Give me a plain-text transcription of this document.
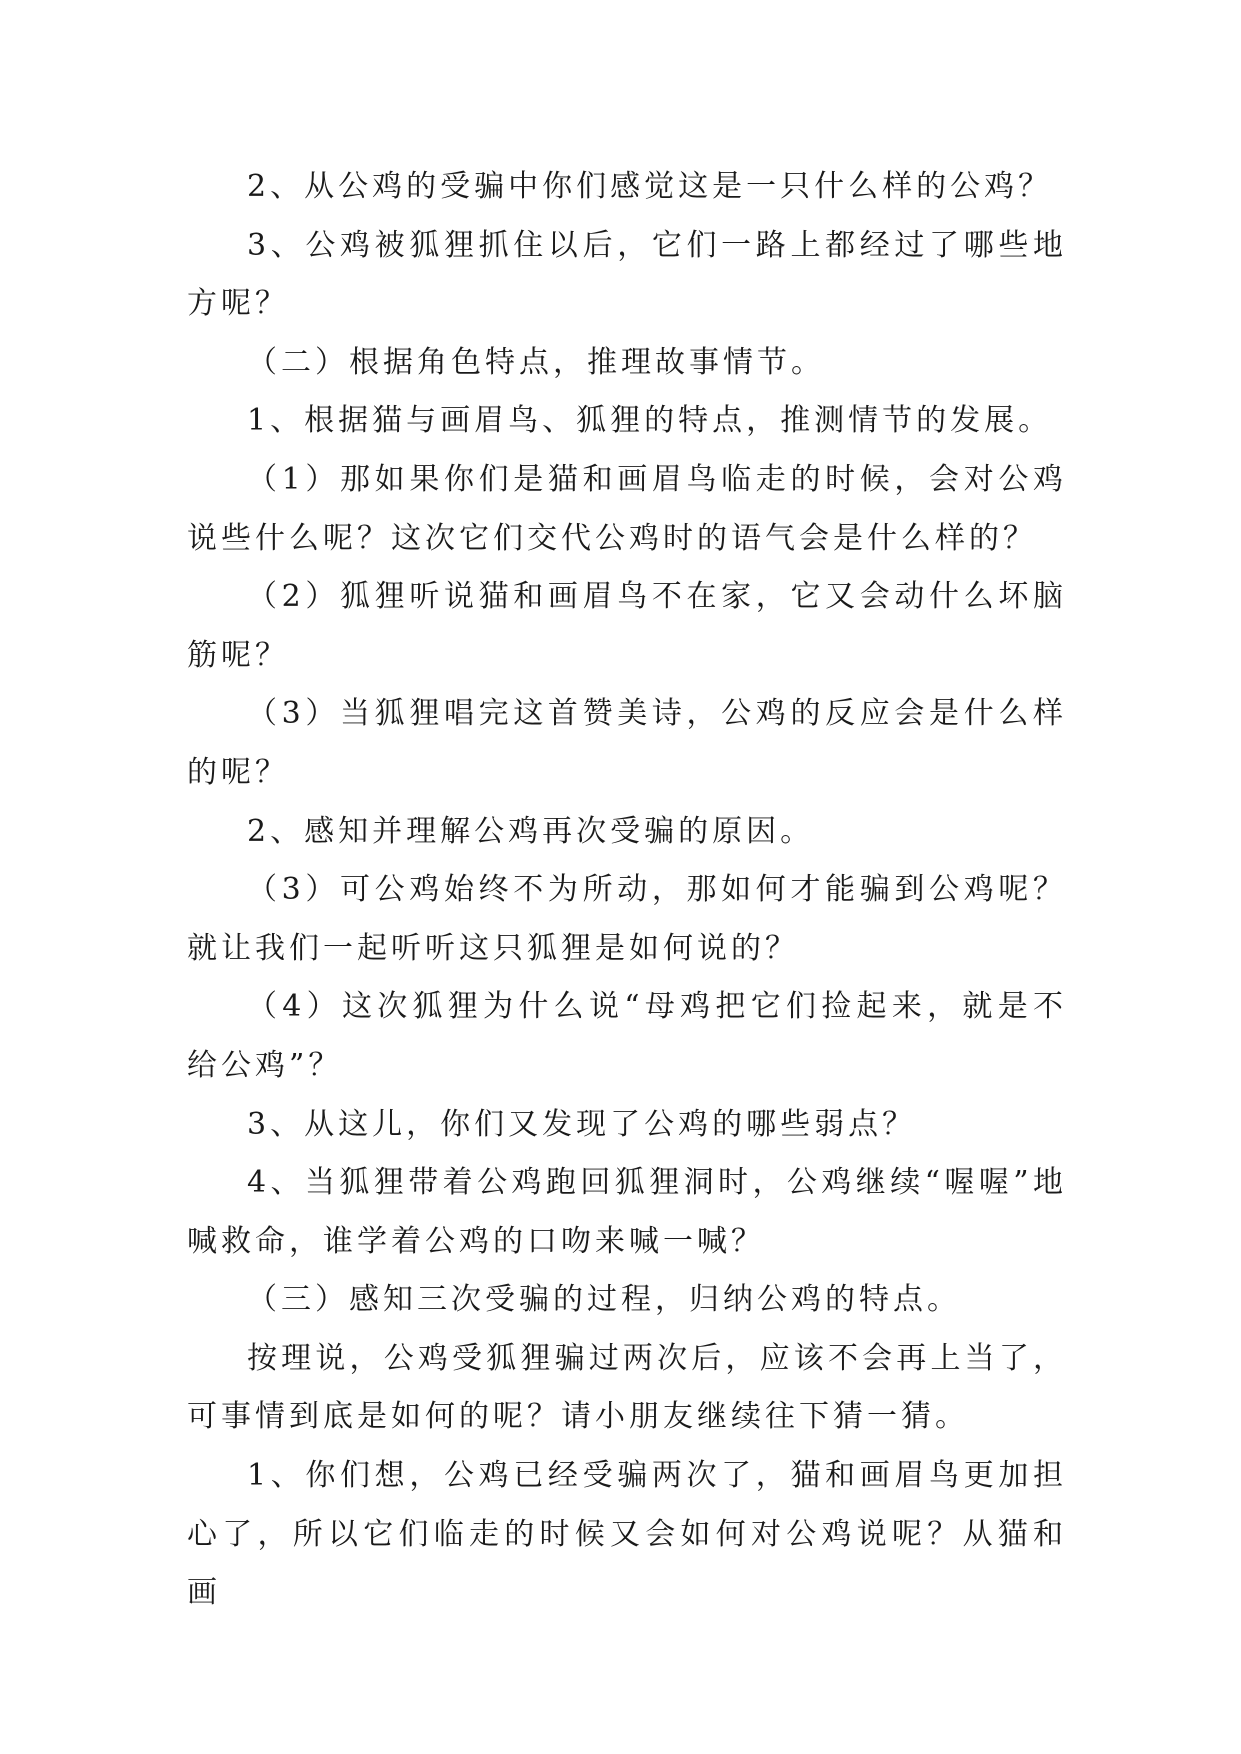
2、从公鸡的受骗中你们感觉这是一只什么样的公鸡？

3、公鸡被狐狸抓住以后，它们一路上都经过了哪些地方呢？

（二）根据角色特点，推理故事情节。

1、根据猫与画眉鸟、狐狸的特点，推测情节的发展。

（1）那如果你们是猫和画眉鸟临走的时候，会对公鸡说些什么呢？这次它们交代公鸡时的语气会是什么样的？

（2）狐狸听说猫和画眉鸟不在家，它又会动什么坏脑筋呢？

（3）当狐狸唱完这首赞美诗，公鸡的反应会是什么样的呢？

2、感知并理解公鸡再次受骗的原因。

（3）可公鸡始终不为所动，那如何才能骗到公鸡呢？就让我们一起听听这只狐狸是如何说的？

（4）这次狐狸为什么说“母鸡把它们捡起来，就是不给公鸡”？

3、从这儿，你们又发现了公鸡的哪些弱点？

4、当狐狸带着公鸡跑回狐狸洞时，公鸡继续“喔喔”地喊救命，谁学着公鸡的口吻来喊一喊？

（三）感知三次受骗的过程，归纳公鸡的特点。

按理说，公鸡受狐狸骗过两次后，应该不会再上当了，可事情到底是如何的呢？请小朋友继续往下猜一猜。

1、你们想，公鸡已经受骗两次了，猫和画眉鸟更加担心了，所以它们临走的时候又会如何对公鸡说呢？从猫和画
